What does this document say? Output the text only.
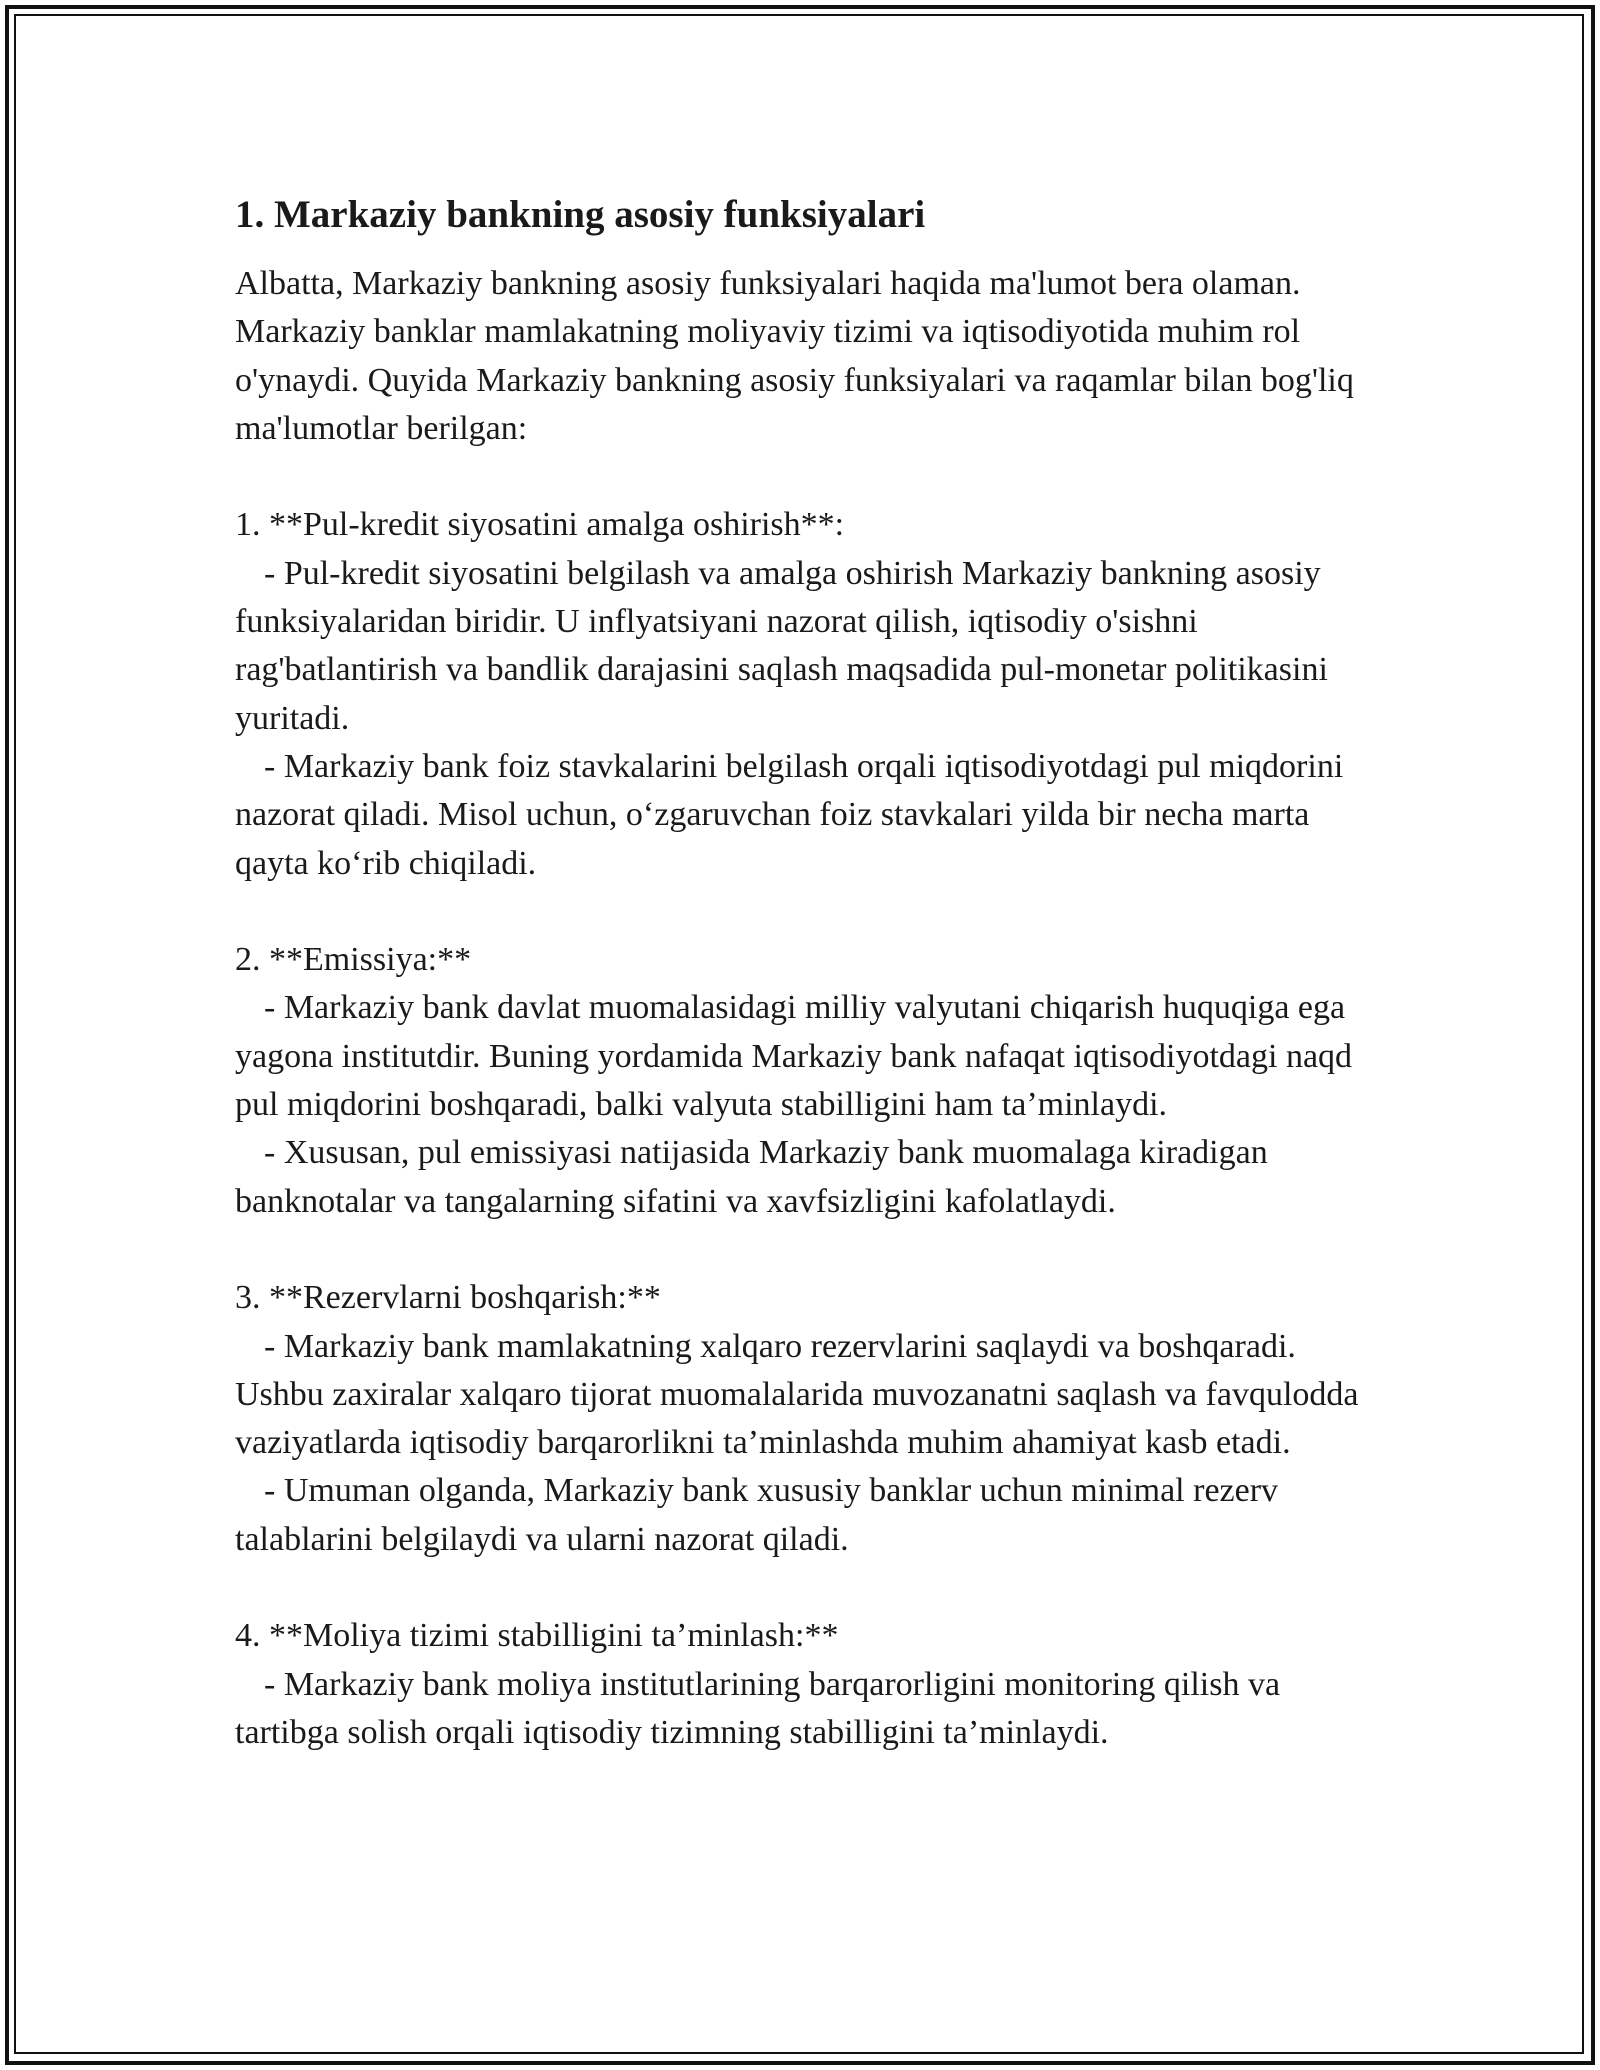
1. Markaziy bankning asosiy funksiyalari

Albatta, Markaziy bankning asosiy funksiyalari haqida ma'lumot bera olaman. Markaziy banklar mamlakatning moliyaviy tizimi va iqtisodiyotida muhim rol o'ynaydi. Quyida Markaziy bankning asosiy funksiyalari va raqamlar bilan bog'liq ma'lumotlar berilgan:

1. **Pul-kredit siyosatini amalga oshirish**:

- Pul-kredit siyosatini belgilash va amalga oshirish Markaziy bankning asosiy funksiyalaridan biridir. U inflyatsiyani nazorat qilish, iqtisodiy o'sishni rag'batlantirish va bandlik darajasini saqlash maqsadida pul-monetar politikasini yuritadi.

- Markaziy bank foiz stavkalarini belgilash orqali iqtisodiyotdagi pul miqdorini nazorat qiladi. Misol uchun, o‘zgaruvchan foiz stavkalari yilda bir necha marta qayta ko‘rib chiqiladi.

2. **Emissiya:**

- Markaziy bank davlat muomalasidagi milliy valyutani chiqarish huquqiga ega yagona institutdir. Buning yordamida Markaziy bank nafaqat iqtisodiyotdagi naqd pul miqdorini boshqaradi, balki valyuta stabilligini ham ta’minlaydi.

- Xususan, pul emissiyasi natijasida Markaziy bank muomalaga kiradigan banknotalar va tangalarning sifatini va xavfsizligini kafolatlaydi.

3. **Rezervlarni boshqarish:**

- Markaziy bank mamlakatning xalqaro rezervlarini saqlaydi va boshqaradi. Ushbu zaxiralar xalqaro tijorat muomalalarida muvozanatni saqlash va favqulodda vaziyatlarda iqtisodiy barqarorlikni ta’minlashda muhim ahamiyat kasb etadi.

- Umuman olganda, Markaziy bank xususiy banklar uchun minimal rezerv talablarini belgilaydi va ularni nazorat qiladi.

4. **Moliya tizimi stabilligini ta’minlash:**

- Markaziy bank moliya institutlarining barqarorligini monitoring qilish va tartibga solish orqali iqtisodiy tizimning stabilligini ta’minlaydi.
